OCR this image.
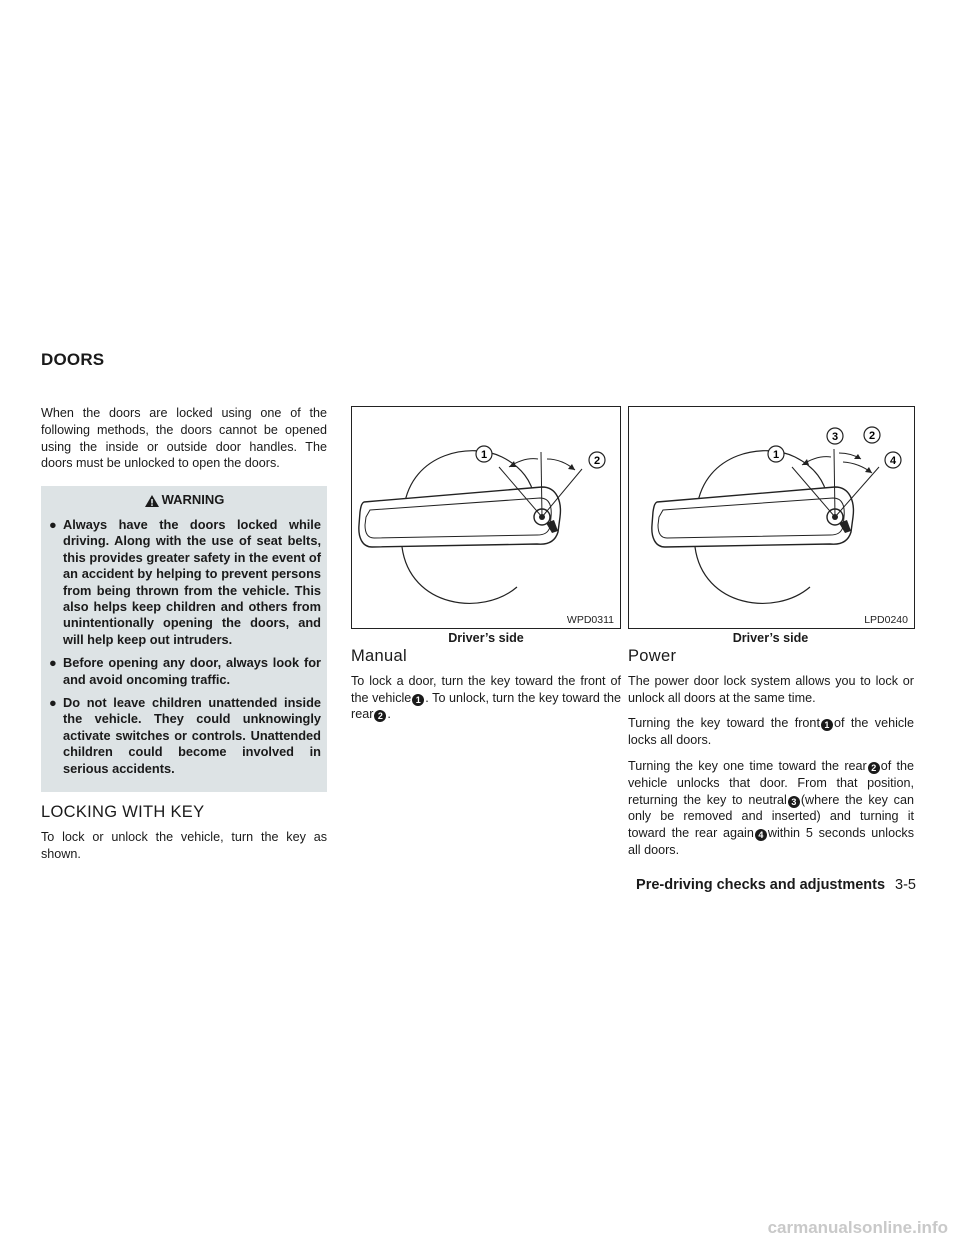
DOORS

When the doors are locked using one of the following methods, the doors cannot be opened using the inside or outside door handles. The doors must be unlocked to open the doors.

WARNING
● Always have the doors locked while driving. Along with the use of seat belts, this provides greater safety in the event of an accident by helping to prevent persons from being thrown from the vehicle. This also helps keep children and others from unintentionally opening the doors, and will help keep out intruders.
● Before opening any door, always look for and avoid oncoming traffic.
● Do not leave children unattended inside the vehicle. They could unknowingly activate switches or controls. Unattended children could become involved in serious accidents.
LOCKING WITH KEY

To lock or unlock the vehicle, turn the key as shown.

1	2
WPD0311
Driver’s side
1
3	2
4
LPD0240
Driver’s side
Manual

To lock a door, turn the key toward the front of the vehicle 1 . To unlock, turn the key toward the rear 2 .

Power

The power door lock system allows you to lock or unlock all doors at the same time.

Turning the key toward the front 1 of the vehicle locks all doors.

Turning the key one time toward the rear 2 of the vehicle unlocks that door. From that position, returning the key to neutral 3 (where the key can only be removed and inserted) and turning it toward the rear again 4 within 5 seconds unlocks all doors.

Pre-driving checks and adjustments 3-5
carmanualsonline.info
